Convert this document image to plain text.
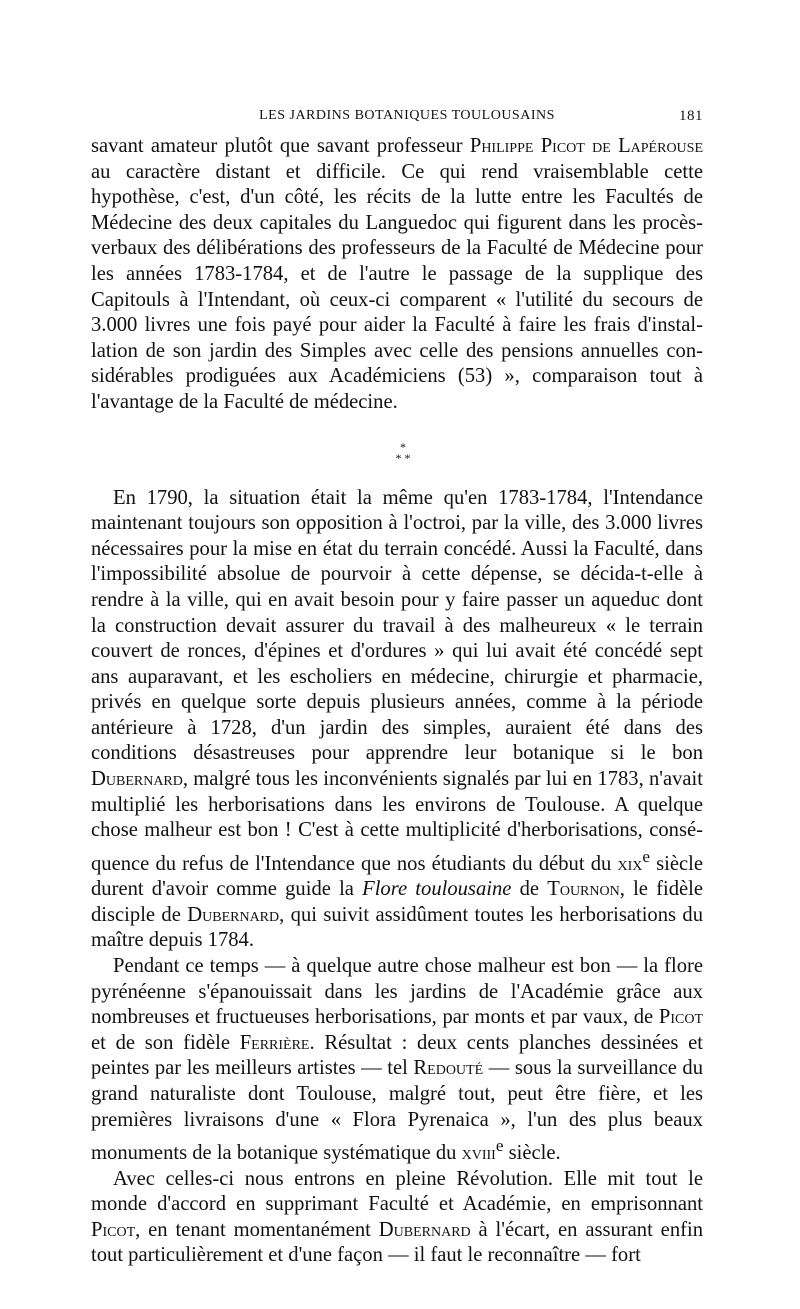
LES JARDINS BOTANIQUES TOULOUSAINS	181

savant amateur plutôt que savant professeur Philippe Picot de Lapérouse au caractère distant et difficile. Ce qui rend vraisemblable cette hypothèse, c'est, d'un côté, les récits de la lutte entre les Facultés de Médecine des deux capitales du Languedoc qui figurent dans les procès-verbaux des délibérations des professeurs de la Faculté de Médecine pour les années 1783-1784, et de l'autre le passage de la supplique des Capitouls à l'Intendant, où ceux-ci comparent « l'utilité du secours de 3.000 livres une fois payé pour aider la Faculté à faire les frais d'installation de son jardin des Simples avec celle des pensions annuelles considérables prodiguées aux Académiciens (53) », comparaison tout à l'avantage de la Faculté de médecine.

*
* *

En 1790, la situation était la même qu'en 1783-1784, l'Intendance maintenant toujours son opposition à l'octroi, par la ville, des 3.000 livres nécessaires pour la mise en état du terrain concédé. Aussi la Faculté, dans l'impossibilité absolue de pourvoir à cette dépense, se décida-t-elle à rendre à la ville, qui en avait besoin pour y faire passer un aqueduc dont la construction devait assurer du travail à des malheureux « le terrain couvert de ronces, d'épines et d'ordures » qui lui avait été concédé sept ans auparavant, et les escholiers en médecine, chirurgie et pharmacie, privés en quelque sorte depuis plusieurs années, comme à la période antérieure à 1728, d'un jardin des simples, auraient été dans des conditions désastreuses pour apprendre leur botanique si le bon Dubernard, malgré tous les inconvénients signalés par lui en 1783, n'avait multiplié les herborisations dans les environs de Toulouse. A quelque chose malheur est bon ! C'est à cette multiplicité d'herborisations, conséquence du refus de l'Intendance que nos étudiants du début du xix$^e$ siècle durent d'avoir comme guide la Flore toulousaine de Tournon, le fidèle disciple de Dubernard, qui suivit assidûment toutes les herborisations du maître depuis 1784.

Pendant ce temps — à quelque autre chose malheur est bon — la flore pyrénéenne s'épanouissait dans les jardins de l'Académie grâce aux nombreuses et fructueuses herborisations, par monts et par vaux, de Picot et de son fidèle Ferrière. Résultat : deux cents planches dessinées et peintes par les meilleurs artistes — tel Redouté — sous la surveillance du grand naturaliste dont Toulouse, malgré tout, peut être fière, et les premières livraisons d'une « Flora Pyrenaica », l'un des plus beaux monuments de la botanique systématique du xviii$^e$ siècle.

Avec celles-ci nous entrons en pleine Révolution. Elle mit tout le monde d'accord en supprimant Faculté et Académie, en emprisonnant Picot, en tenant momentanément Dubernard à l'écart, en assurant enfin tout particulièrement et d'une façon — il faut le reconnaître — fort
